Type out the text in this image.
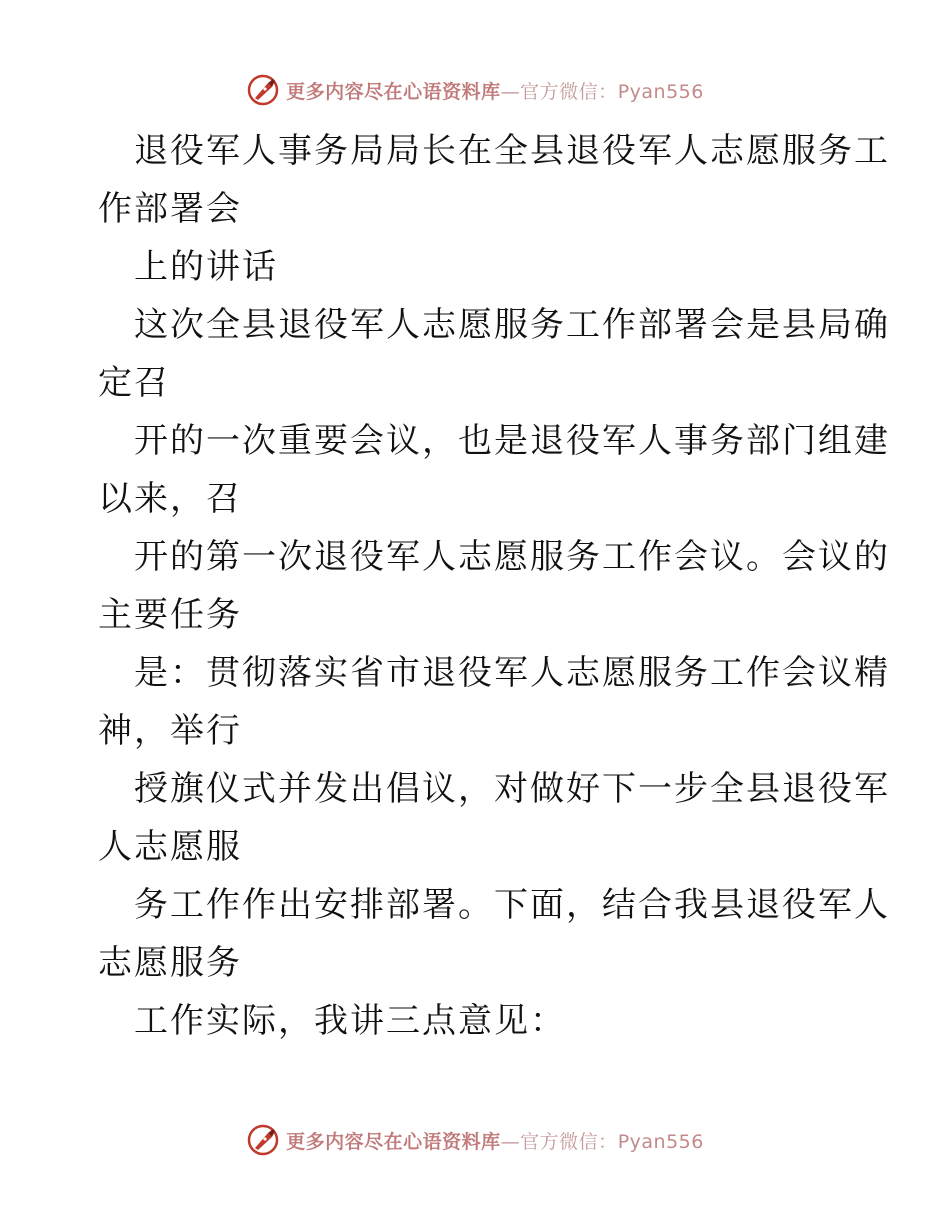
更多内容尽在心语资料库—官方微信：Pyan556
退役军人事务局局长在全县退役军人志愿服务工
作部署会
上的讲话
这次全县退役军人志愿服务工作部署会是县局确
定召
开的一次重要会议，也是退役军人事务部门组建
以来，召
开的第一次退役军人志愿服务工作会议。会议的
主要任务
是：贯彻落实省市退役军人志愿服务工作会议精
神，举行
授旗仪式并发出倡议，对做好下一步全县退役军
人志愿服
务工作作出安排部署。下面，结合我县退役军人
志愿服务
工作实际，我讲三点意见：
更多内容尽在心语资料库—官方微信：Pyan556
